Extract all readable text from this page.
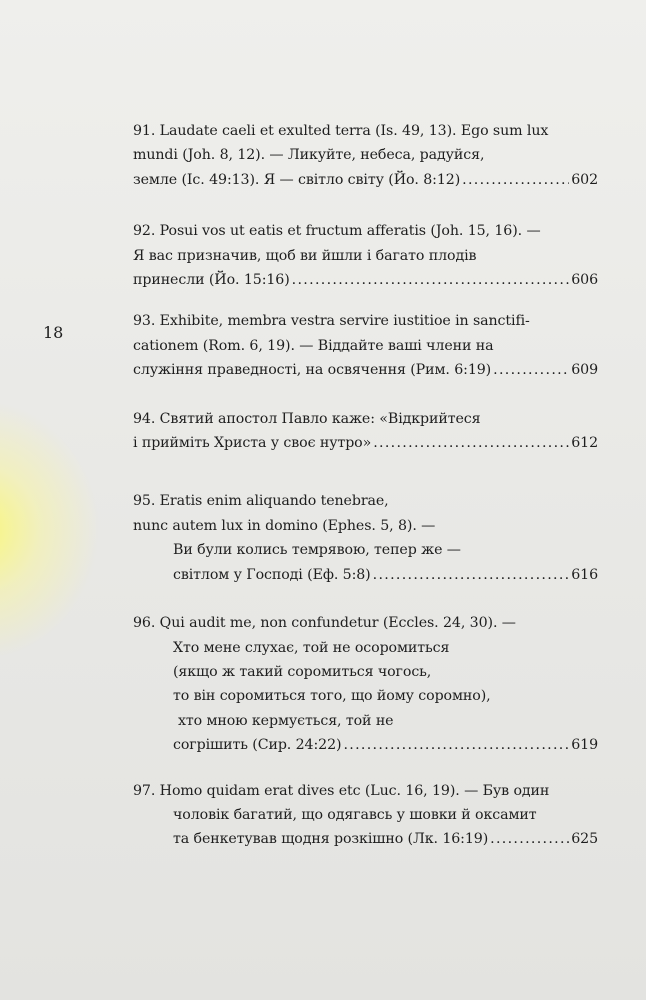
18
91. Laudate caeli et exulted terra (Is. 49, 13). Ego sum lux
mundi (Joh. 8, 12). — Ликуйте, небеса, радуйся,
земле (Іс. 49:13). Я — світло світу (Йо. 8:12) . . .	602
92. Posui vos ut eatis et fructum afferatis (Joh. 15, 16). —
Я вас призначив, щоб ви йшли і багато плодів
принесли (Йо. 15:16) . . .	606
93. Exhibite, membra vestra servire iustitioe in sanctifi-
cationem (Rom. 6, 19). — Віддайте ваші члени на
служіння праведності, на освячення (Рим. 6:19) . . .	609
94. Святий апостол Павло каже: «Відкрийтеся
і прийміть Христа у своє нутро» . . .	612
95. Eratis enim aliquando tenebrae,
nunc autem lux in domino (Ephes. 5, 8). —
Ви були колись темрявою, тепер же —
світлом у Господі (Еф. 5:8) . . .	616
96. Qui audit me, non confundetur (Eccles. 24, 30). —
Хто мене слухає, той не осоромиться
(якщо ж такий соромиться чогось,
то він соромиться того, що йому соромно),
хто мною кермується, той не
согрішить (Сир. 24:22) . . .	619
97. Homo quidam erat dives etc (Luc. 16, 19). — Був один
чоловік багатий, що одягавсь у шовки й оксамит
та бенкетував щодня розкішно (Лк. 16:19) . . .	625
